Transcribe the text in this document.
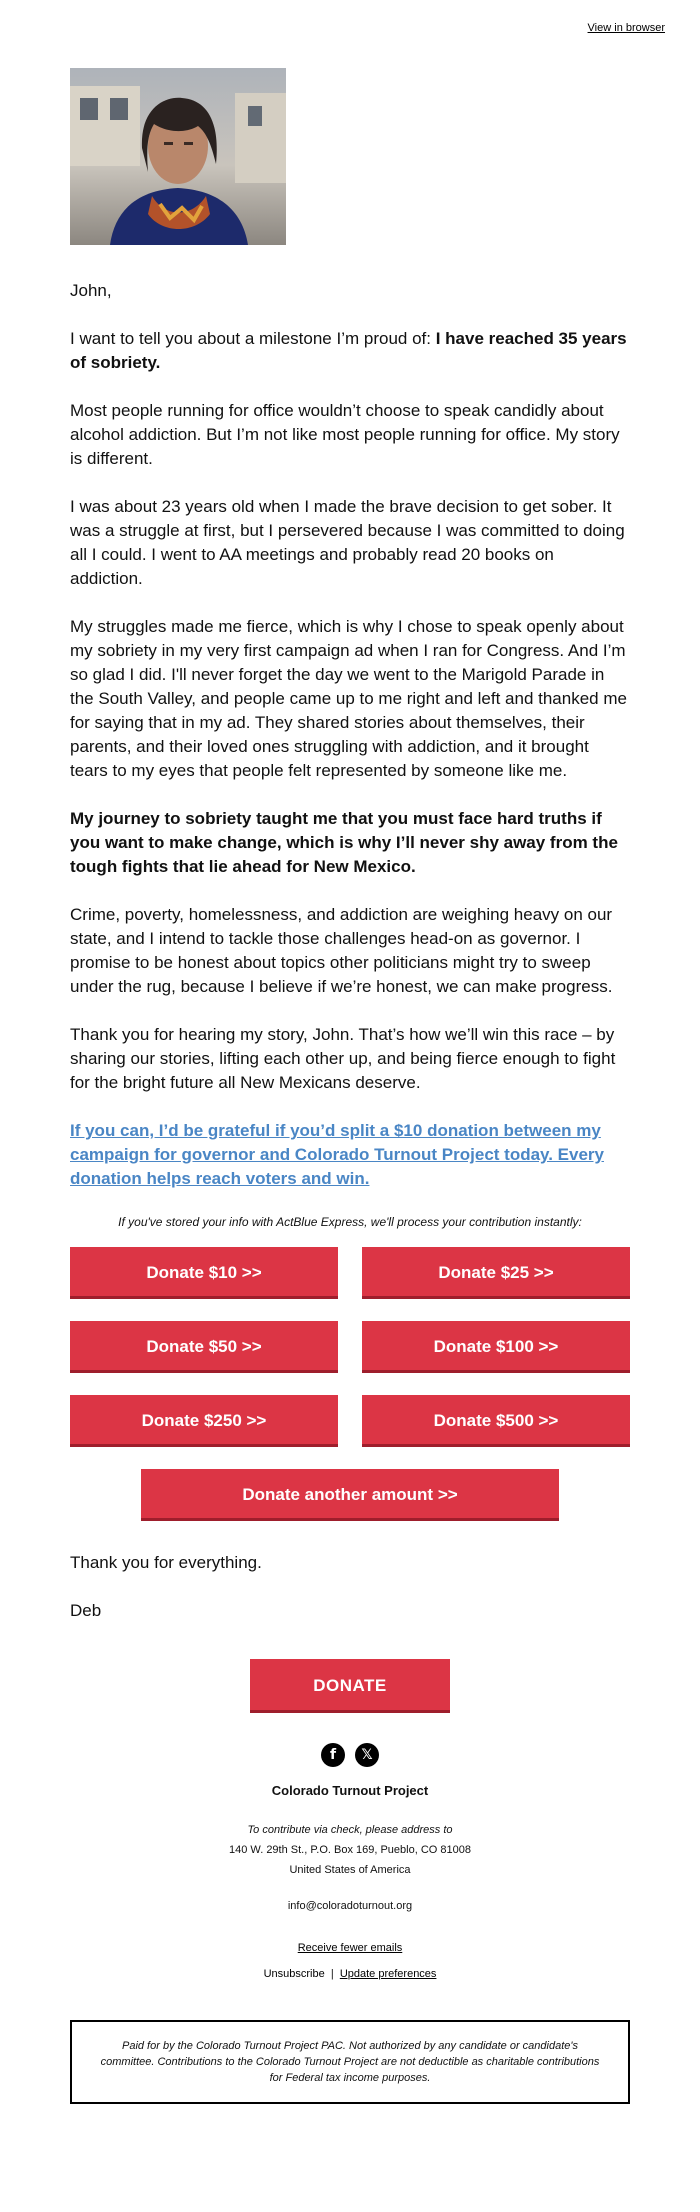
View in browser

John,

I want to tell you about a milestone I’m proud of: I have reached 35 years of sobriety.

Most people running for office wouldn’t choose to speak candidly about alcohol addiction. But I’m not like most people running for office. My story is different.

I was about 23 years old when I made the brave decision to get sober. It was a struggle at first, but I persevered because I was committed to doing all I could. I went to AA meetings and probably read 20 books on addiction.

My struggles made me fierce, which is why I chose to speak openly about my sobriety in my very first campaign ad when I ran for Congress. And I’m so glad I did. I'll never forget the day we went to the Marigold Parade in the South Valley, and people came up to me right and left and thanked me for saying that in my ad. They shared stories about themselves, their parents, and their loved ones struggling with addiction, and it brought tears to my eyes that people felt represented by someone like me.

My journey to sobriety taught me that you must face hard truths if you want to make change, which is why I’ll never shy away from the tough fights that lie ahead for New Mexico.

Crime, poverty, homelessness, and addiction are weighing heavy on our state, and I intend to tackle those challenges head-on as governor. I promise to be honest about topics other politicians might try to sweep under the rug, because I believe if we’re honest, we can make progress.

Thank you for hearing my story, John. That’s how we’ll win this race – by sharing our stories, lifting each other up, and being fierce enough to fight for the bright future all New Mexicans deserve.

If you can, I’d be grateful if you’d split a $10 donation between my campaign for governor and Colorado Turnout Project today. Every donation helps reach voters and win.

If you've stored your info with ActBlue Express, we'll process your contribution instantly:

Donate $10 >>	Donate $25 >>
Donate $50 >>	Donate $100 >>
Donate $250 >>	Donate $500 >>
Donate another amount >>

Thank you for everything.

Deb

DONATE
f	𝕏
Colorado Turnout Project
To contribute via check, please address to
140 W. 29th St., P.O. Box 169, Pueblo, CO 81008
United States of America
info@coloradoturnout.org
Receive fewer emails
Unsubscribe | Update preferences
Paid for by the Colorado Turnout Project PAC. Not authorized by any candidate or candidate's committee. Contributions to the Colorado Turnout Project are not deductible as charitable contributions for Federal tax income purposes.
